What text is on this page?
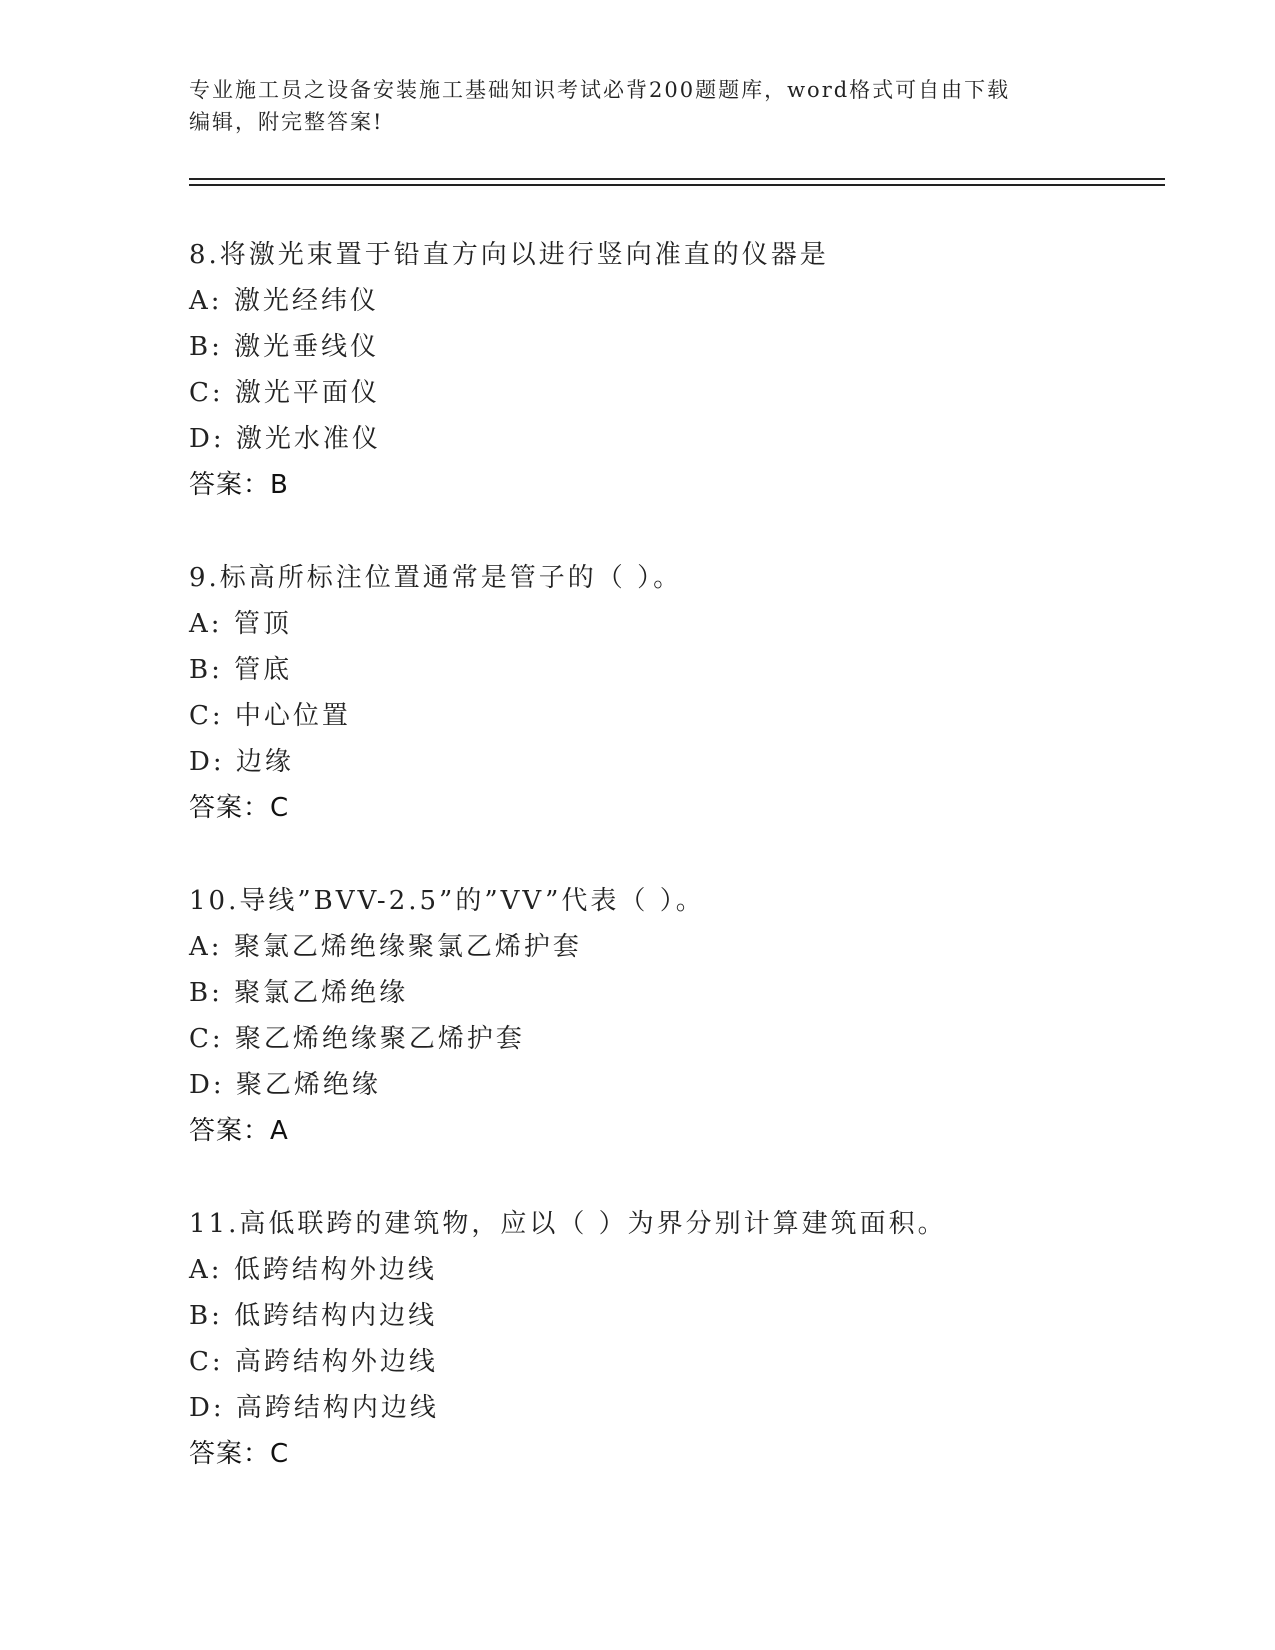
专业施工员之设备安装施工基础知识考试必背200题题库，word格式可自由下载
编辑，附完整答案!
8.将激光束置于铅直方向以进行竖向准直的仪器是
A: 激光经纬仪
B: 激光垂线仪
C: 激光平面仪
D: 激光水准仪
答案：B
9.标高所标注位置通常是管子的（ ）。
A: 管顶
B: 管底
C: 中心位置
D: 边缘
答案：C
10.导线”BVV-2.5”的”VV”代表（ ）。
A: 聚氯乙烯绝缘聚氯乙烯护套
B: 聚氯乙烯绝缘
C: 聚乙烯绝缘聚乙烯护套
D: 聚乙烯绝缘
答案：A
11.高低联跨的建筑物，应以（ ）为界分别计算建筑面积。
A: 低跨结构外边线
B: 低跨结构内边线
C: 高跨结构外边线
D: 高跨结构内边线
答案：C
